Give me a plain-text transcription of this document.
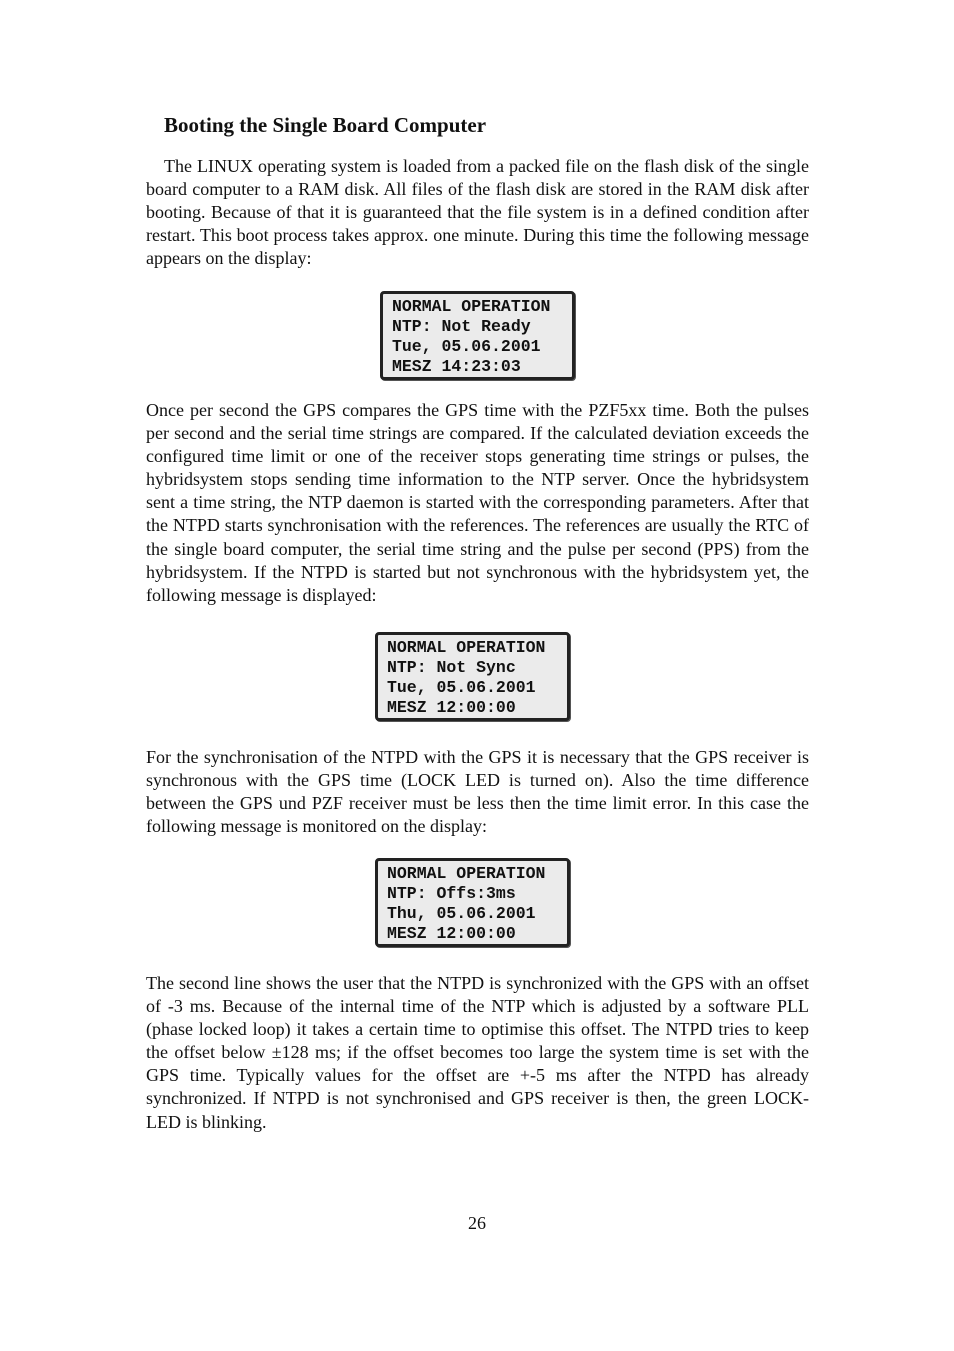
Booting the Single Board Computer

The LINUX operating system is loaded from a packed file on the flash disk of the single board computer to a RAM disk. All files of the flash disk are stored in the RAM disk after booting. Because of that it is guaranteed that the file system is in a defined condition after restart. This boot process takes approx. one minute. During this time the following message appears on the display:

NORMAL OPERATION
NTP: Not Ready
Tue, 05.06.2001
MESZ 14:23:03

Once per second the GPS compares the GPS time with the PZF5xx time. Both the pulses per second and the serial time strings are compared. If the calculated deviation exceeds the configured time limit or one of the receiver stops generating time strings or pulses, the hybridsystem stops sending time information to the NTP server. Once the hybridsystem sent a time string, the NTP daemon is started with the corresponding parameters. After that the NTPD starts synchronisation with the references. The references are usually the RTC of the single board computer, the serial time string and the pulse per second (PPS) from the hybridsystem. If the NTPD is started but not synchronous with the hybridsystem yet, the following message is displayed:

NORMAL OPERATION
NTP: Not Sync
Tue, 05.06.2001
MESZ 12:00:00

For the synchronisation of the NTPD with the GPS it is necessary that the GPS receiver is synchronous with the GPS time (LOCK LED is turned on). Also the time difference between the GPS und PZF receiver must be less then the time limit error. In this case the following message is monitored on the display:

NORMAL OPERATION
NTP: Offs:3ms
Thu, 05.06.2001
MESZ 12:00:00

The second line shows the user that the NTPD is synchronized with the GPS with an offset of -3 ms. Because of the internal time of the NTP which is adjusted by a software PLL (phase locked loop) it takes a certain time to optimise this offset. The NTPD tries to keep the offset below ±128 ms; if the offset becomes too large the system time is set with the GPS time. Typically values for the offset are +-5 ms after the NTPD has already synchronized. If NTPD is not synchronised and GPS receiver is then, the green LOCK-LED is blinking.

26
